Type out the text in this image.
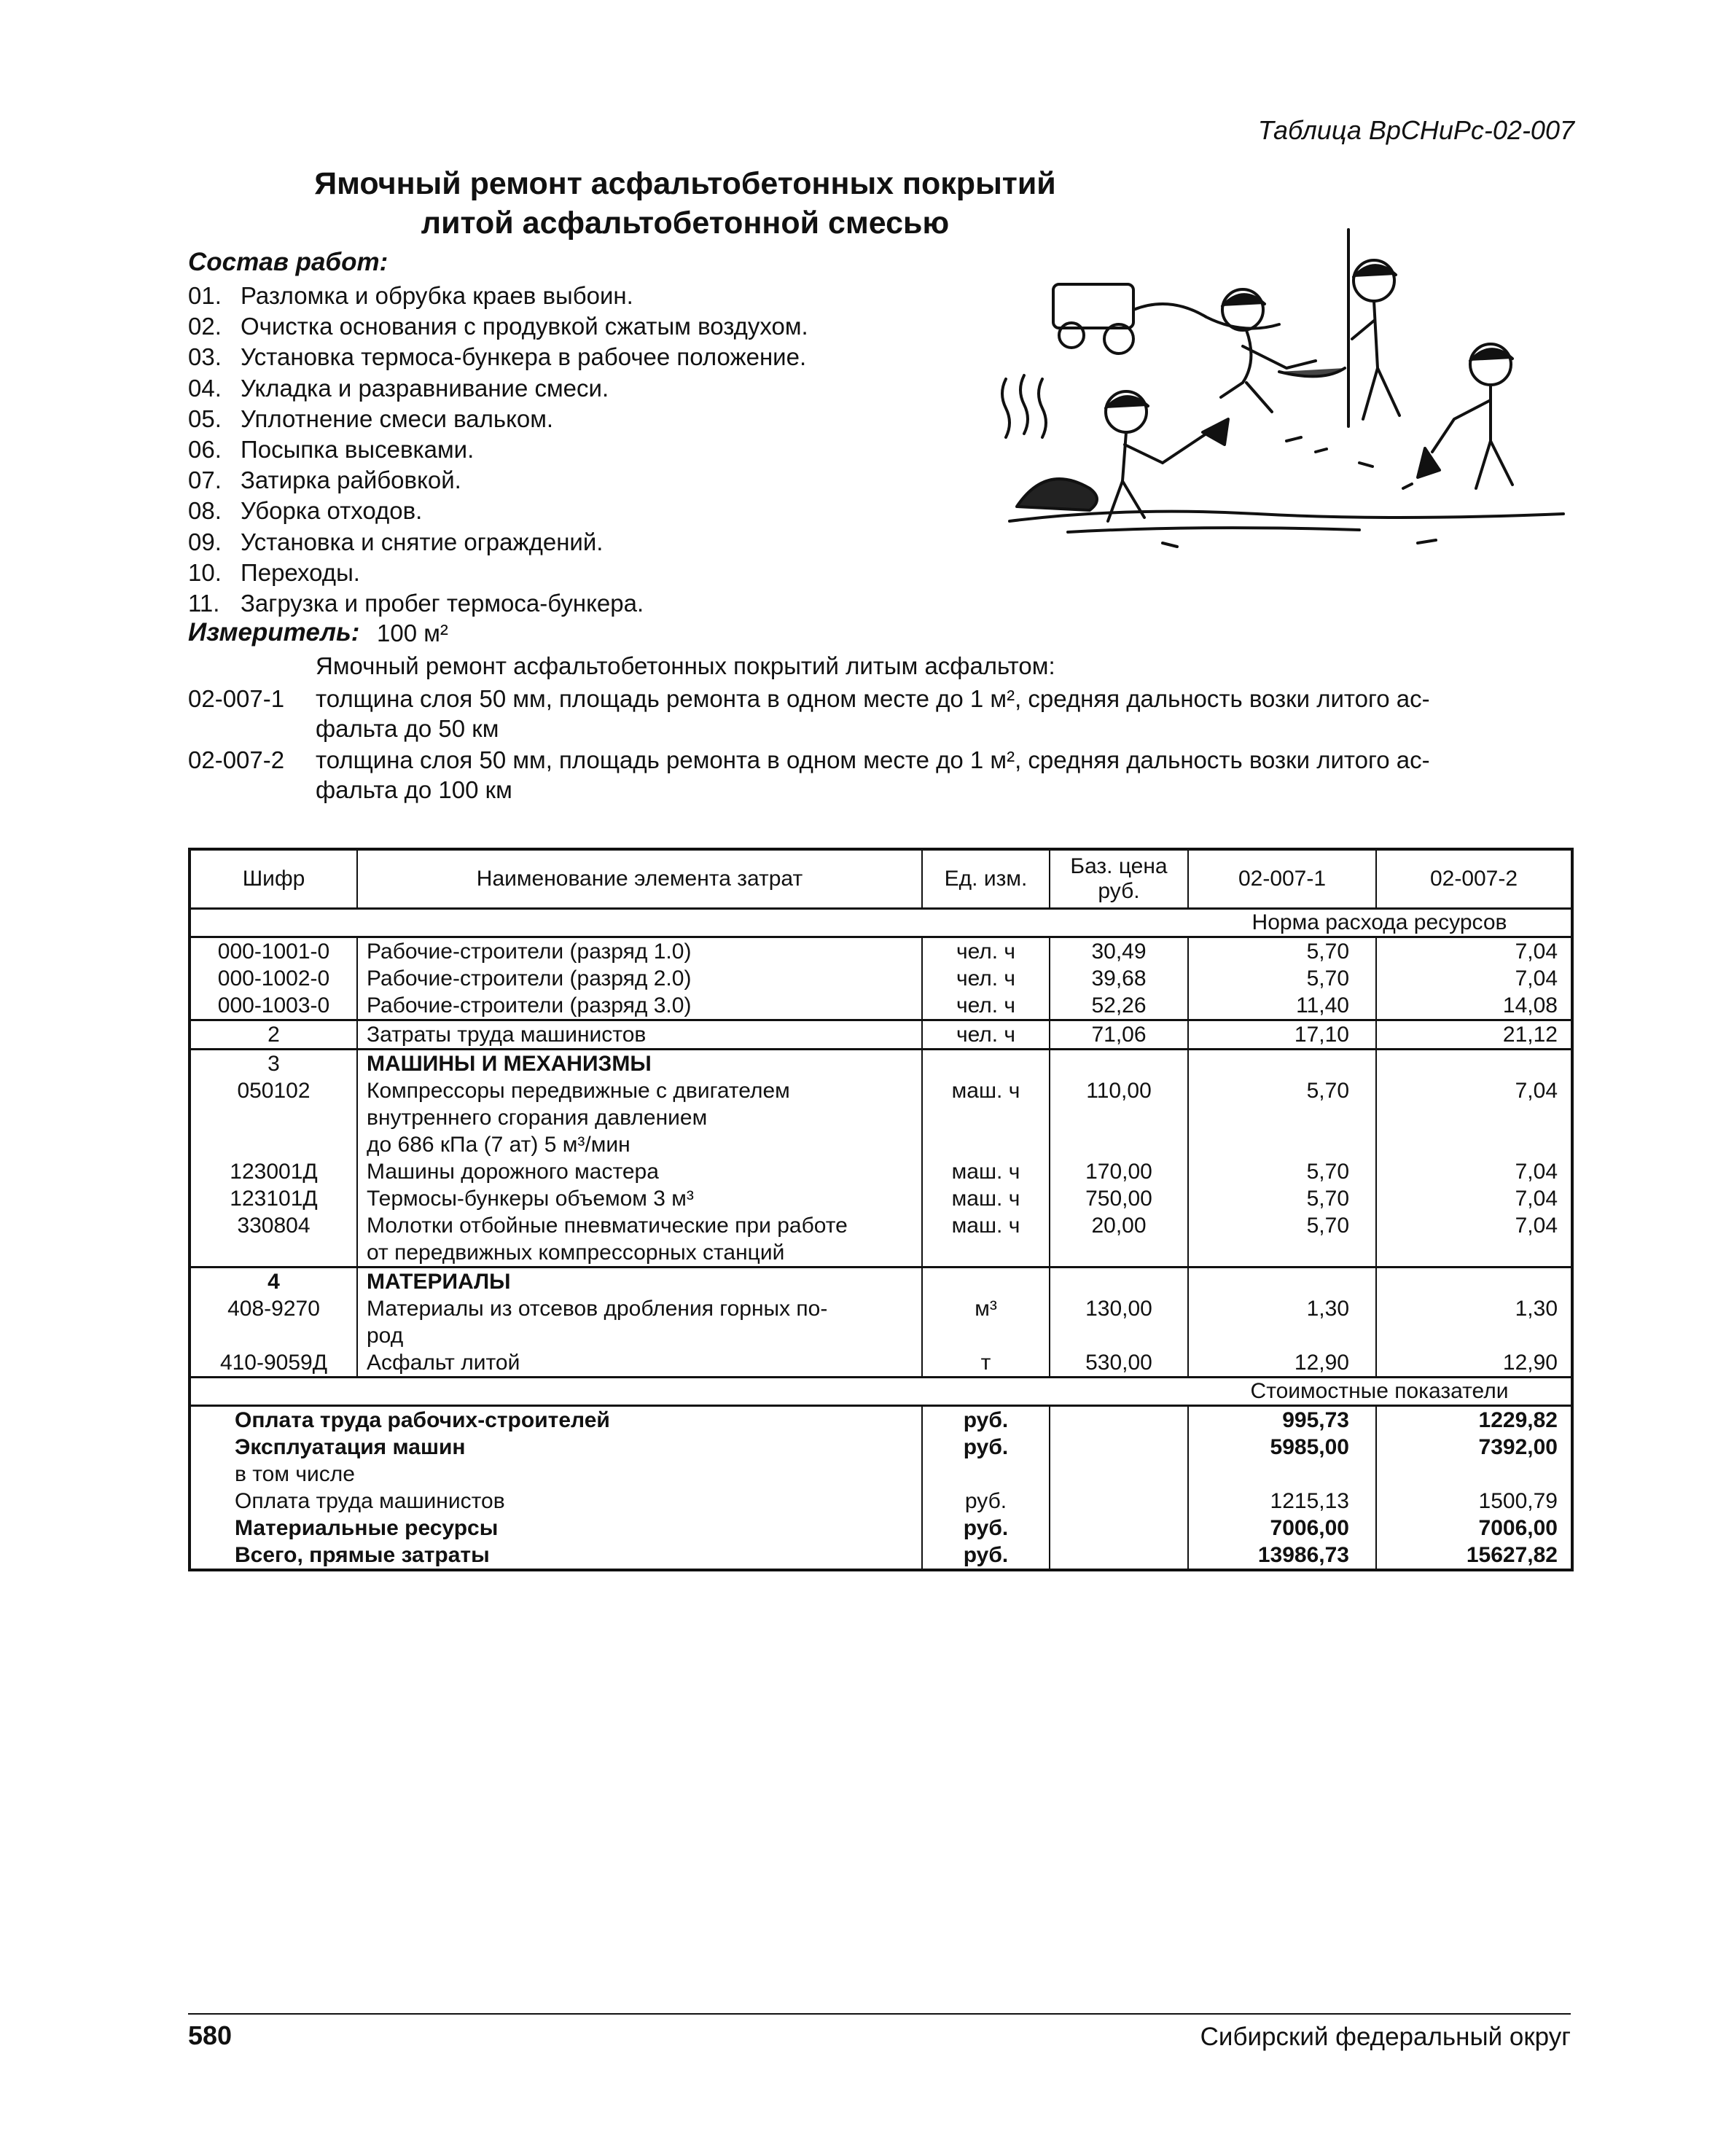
Таблица ВрСНиРс-02-007
Ямочный ремонт асфальтобетонных покрытий
литой асфальтобетонной смесью
Состав работ:
01. Разломка и обрубка краев выбоин.
02. Очистка основания с продувкой сжатым воздухом.
03. Установка термоса-бункера в рабочее положение.
04. Укладка и разравнивание смеси.
05. Уплотнение смеси вальком.
06. Посыпка высевками.
07. Затирка райбовкой.
08. Уборка отходов.
09. Установка и снятие ограждений.
10. Переходы.
11. Загрузка и пробег термоса-бункера.
Измеритель: 100 м²
Ямочный ремонт асфальтобетонных покрытий литым асфальтом:
02-007-1 толщина слоя 50 мм, площадь ремонта в одном месте до 1 м², средняя дальность возки литого ас-
фальта до 50 км
02-007-2 толщина слоя 50 мм, площадь ремонта в одном месте до 1 м², средняя дальность возки литого ас-
фальта до 100 км
Шифр	Наименование элемента затрат	Ед. изм.	Баз. цена руб.	02-007-1	02-007-2
				Норма расхода ресурсов	
000-1001-0	Рабочие-строители (разряд 1.0)	чел. ч	30,49	5,70	7,04
000-1002-0	Рабочие-строители (разряд 2.0)	чел. ч	39,68	5,70	7,04
000-1003-0	Рабочие-строители (разряд 3.0)	чел. ч	52,26	11,40	14,08
2	Затраты труда машинистов	чел. ч	71,06	17,10	21,12
3	МАШИНЫ И МЕХАНИЗМЫ				
050102	Компрессоры передвижные с двигателем
внутреннего сгорания давлением
до 686 кПа (7 ат) 5 м³/мин	маш. ч	110,00	5,70	7,04
123001Д	Машины дорожного мастера	маш. ч	170,00	5,70	7,04
123101Д	Термосы-бункеры объемом 3 м³	маш. ч	750,00	5,70	7,04
330804	Молотки отбойные пневматические при работе
от передвижных компрессорных станций	маш. ч	20,00	5,70	7,04
4	МАТЕРИАЛЫ				
408-9270	Материалы из отсевов дробления горных по-
род	м³	130,00	1,30	1,30
410-9059Д	Асфальт литой	т	530,00	12,90	12,90
				Стоимостные показатели	
Оплата труда рабочих-строителей		руб.		995,73	1229,82
Эксплуатация машин		руб.		5985,00	7392,00
в том числе					
Оплата труда машинистов		руб.		1215,13	1500,79
Материальные ресурсы		руб.		7006,00	7006,00
Всего, прямые затраты		руб.		13986,73	15627,82
580	Сибирский федеральный округ
